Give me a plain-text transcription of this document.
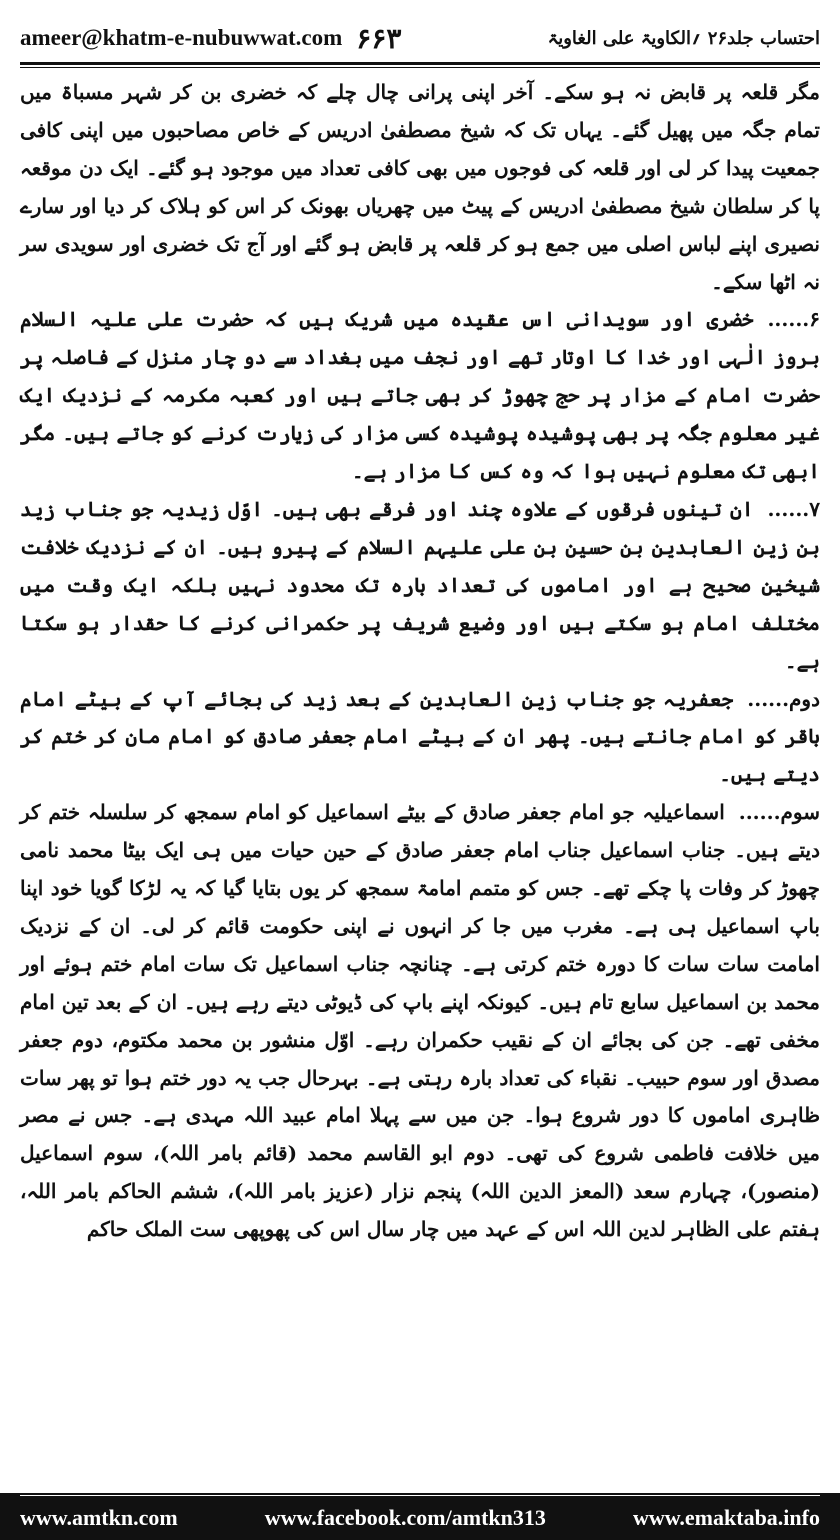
ameer@khatm-e-nubuwwat.com ۶۶۳	احتساب جلد۲۶ ؍الکاویۃ علی الغاویۃ

مگر قلعہ پر قابض نہ ہو سکے۔ آخر اپنی پرانی چال چلے کہ خضری بن کر شہر مسباۃ میں تمام جگہ میں پھیل گئے۔ یہاں تک کہ شیخ مصطفیٰ ادریس کے خاص مصاحبوں میں اپنی کافی جمعیت پیدا کر لی اور قلعہ کی فوجوں میں بھی کافی تعداد میں موجود ہو گئے۔ ایک دن موقعہ پا کر سلطان شیخ مصطفیٰ ادریس کے پیٹ میں چھریاں بھونک کر اس کو ہلاک کر دیا اور سارے نصیری اپنے لباس اصلی میں جمع ہو کر قلعہ پر قابض ہو گئے اور آج تک خضری اور سویدی سر نہ اٹھا سکے۔

۶......خضری اور سویدانی اس عقیدہ میں شریک ہیں کہ حضرت علی علیہ السلام بروز الٰہی اور خدا کا اوتار تھے اور نجف میں بغداد سے دو چار منزل کے فاصلہ پر حضرت امام کے مزار پر حج چھوڑ کر بھی جاتے ہیں اور کعبہ مکرمہ کے نزدیک ایک غیر معلوم جگہ پر بھی پوشیدہ پوشیدہ کسی مزار کی زیارت کرنے کو جاتے ہیں۔ مگر ابھی تک معلوم نہیں ہوا کہ وہ کس کا مزار ہے۔

۷......ان تینوں فرقوں کے علاوہ چند اور فرقے بھی ہیں۔ اوّل زیدیہ جو جناب زید بن زین العابدین بن حسین بن علی علیہم السلام کے پیرو ہیں۔ ان کے نزدیک خلافت شیخین صحیح ہے اور اماموں کی تعداد بارہ تک محدود نہیں بلکہ ایک وقت میں مختلف امام ہو سکتے ہیں اور وضیع شریف پر حکمرانی کرنے کا حقدار ہو سکتا ہے۔

دوم......جعفریہ جو جناب زین العابدین کے بعد زید کی بجائے آپ کے بیٹے امام باقر کو امام جانتے ہیں۔ پھر ان کے بیٹے امام جعفر صادق کو امام مان کر ختم کر دیتے ہیں۔

سوم......اسماعیلیہ جو امام جعفر صادق کے بیٹے اسماعیل کو امام سمجھ کر سلسلہ ختم کر دیتے ہیں۔ جناب اسماعیل جناب امام جعفر صادق کے حین حیات میں ہی ایک بیٹا محمد نامی چھوڑ کر وفات پا چکے تھے۔ جس کو متمم امامۃ سمجھ کر یوں بتایا گیا کہ یہ لڑکا گویا خود اپنا باپ اسماعیل ہی ہے۔ مغرب میں جا کر انہوں نے اپنی حکومت قائم کر لی۔ ان کے نزدیک امامت سات سات کا دورہ ختم کرتی ہے۔ چنانچہ جناب اسماعیل تک سات امام ختم ہوئے اور محمد بن اسماعیل سابع تام ہیں۔ کیونکہ اپنے باپ کی ڈیوٹی دیتے رہے ہیں۔ ان کے بعد تین امام مخفی تھے۔ جن کی بجائے ان کے نقیب حکمران رہے۔ اوّل منشور بن محمد مکتوم، دوم جعفر مصدق اور سوم حبیب۔ نقباء کی تعداد بارہ رہتی ہے۔ بہرحال جب یہ دور ختم ہوا تو پھر سات ظاہری اماموں کا دور شروع ہوا۔ جن میں سے پہلا امام عبید اللہ مہدی ہے۔ جس نے مصر میں خلافت فاطمی شروع کی تھی۔ دوم ابو القاسم محمد (قائم بامر اللہ)، سوم اسماعیل (منصور)، چہارم سعد (المعز الدین اللہ) پنجم نزار (عزیز بامر اللہ)، ششم الحاکم بامر اللہ، ہفتم علی الظاہر لدین اللہ اس کے عہد میں چار سال اس کی پھوپھی ست الملک حاکم

www.amtkn.com	www.facebook.com/amtkn313	www.emaktaba.info
